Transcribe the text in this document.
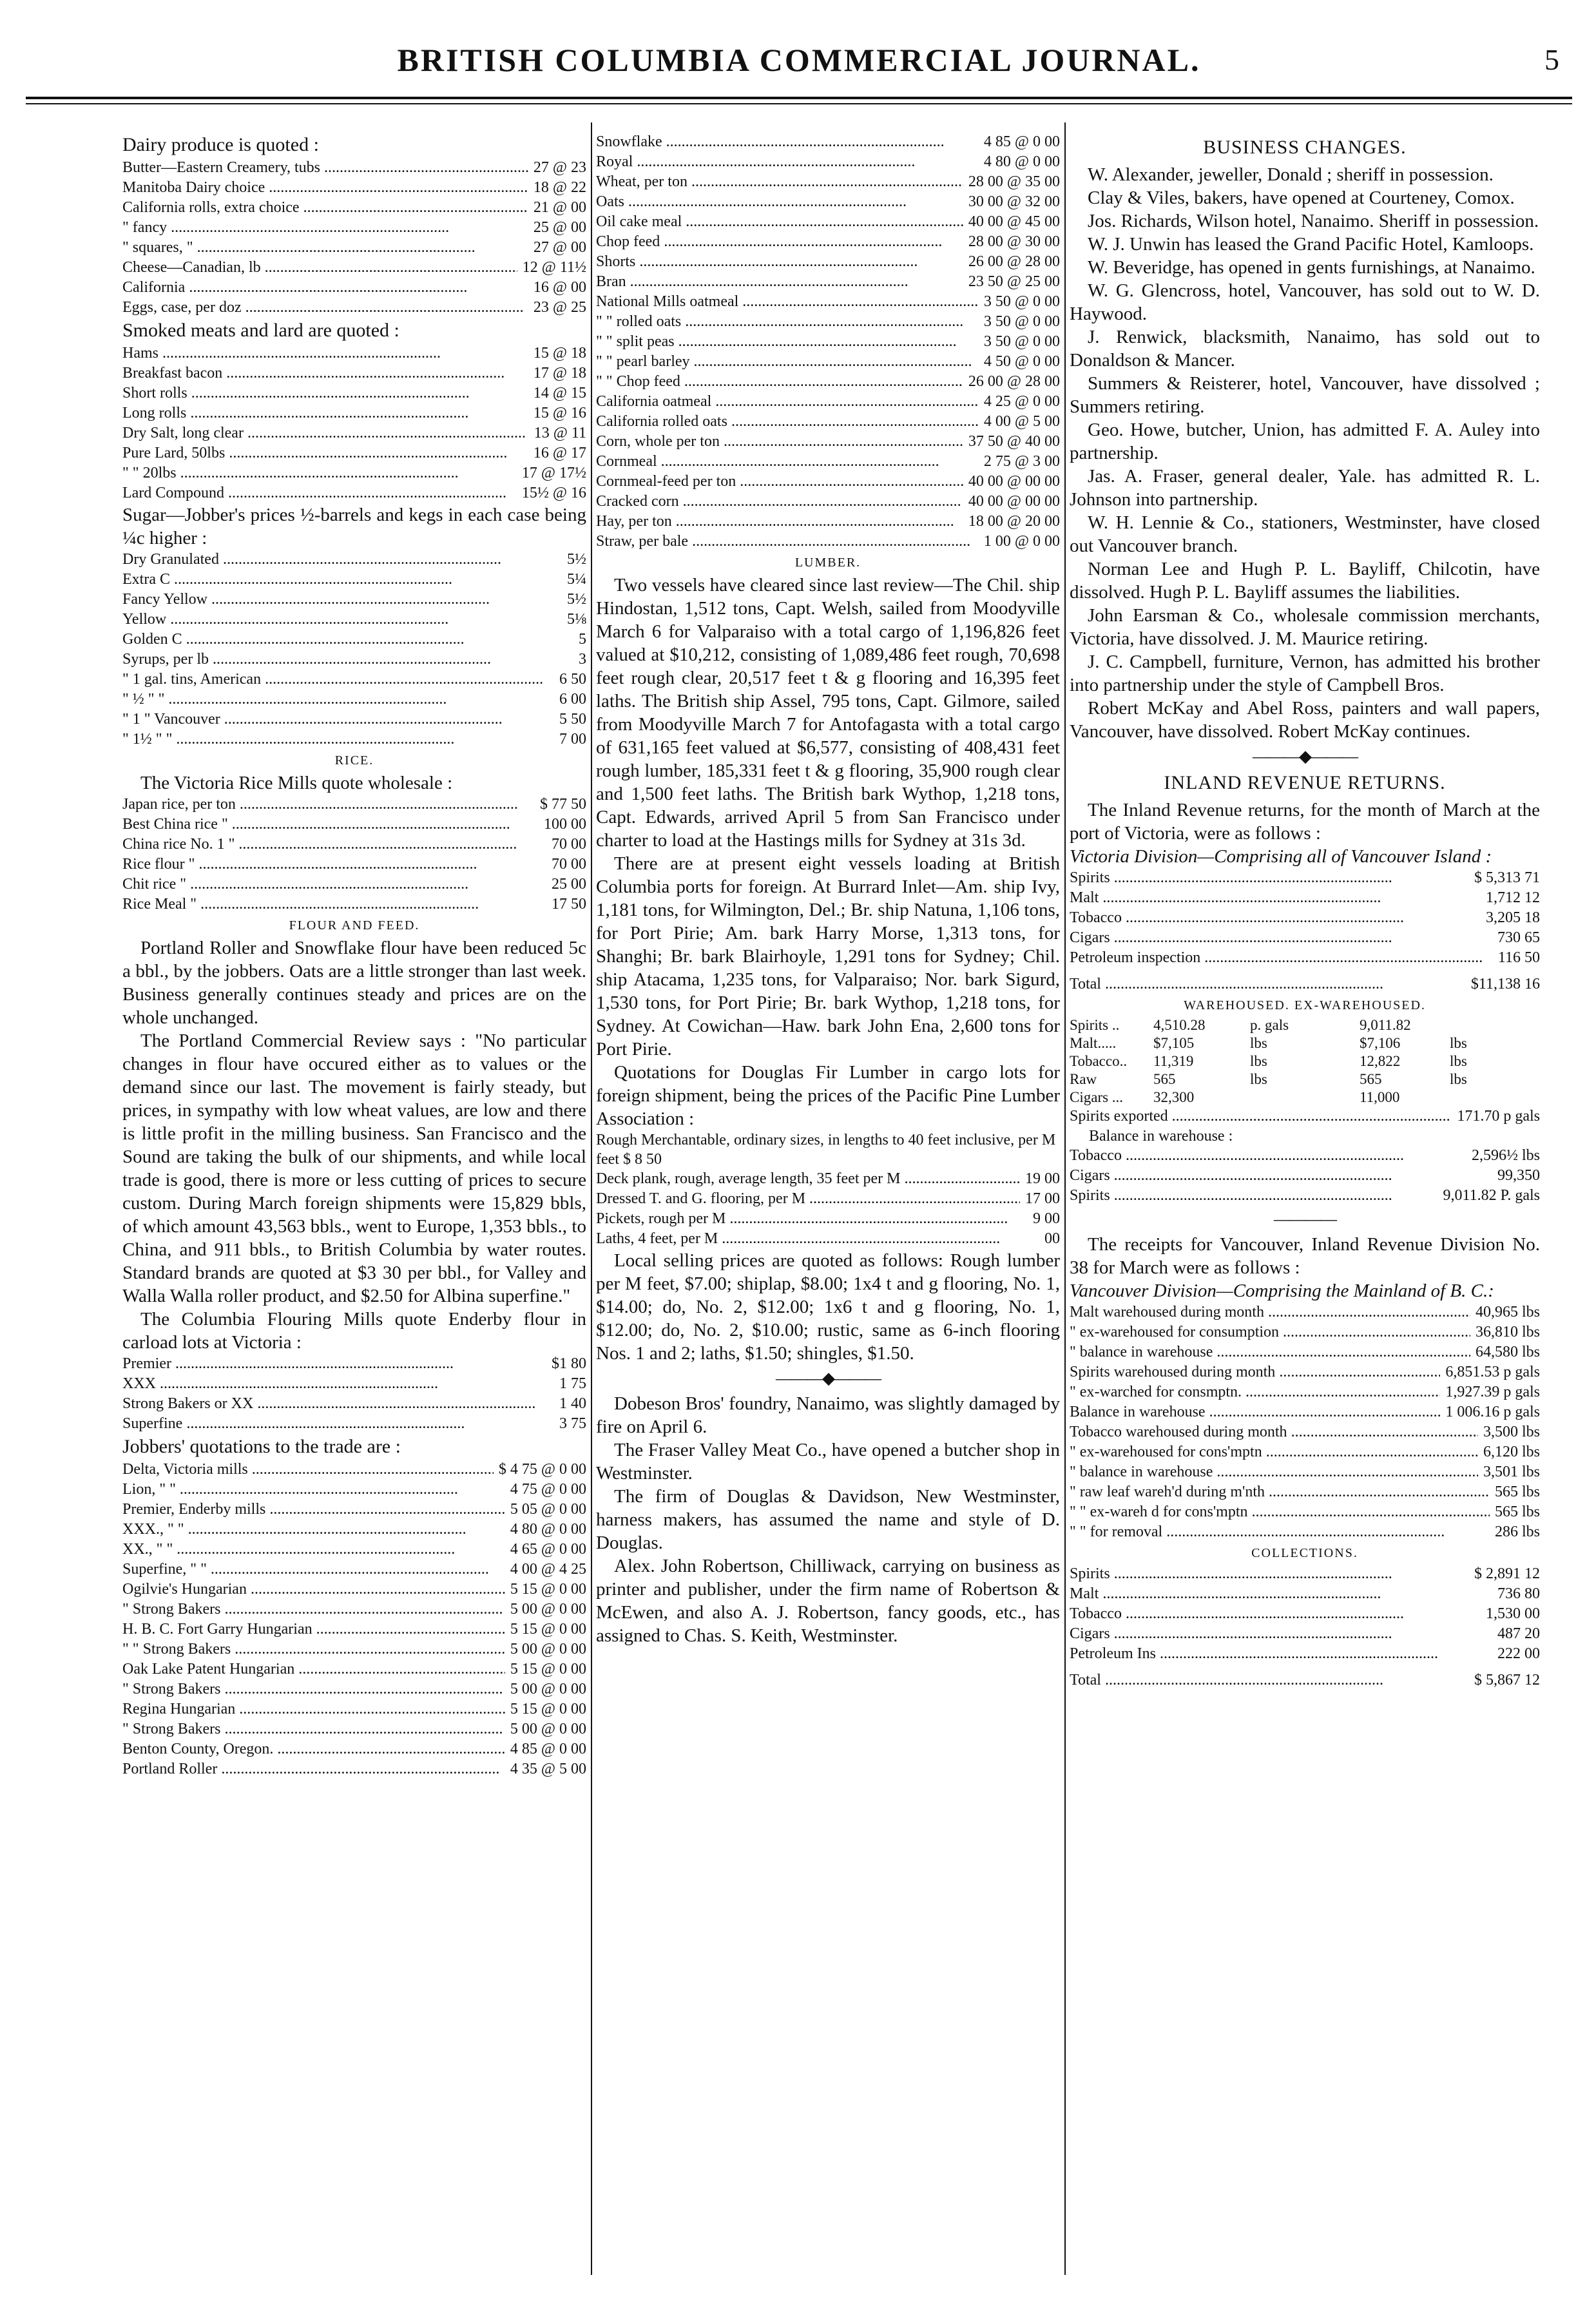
BRITISH COLUMBIA COMMERCIAL JOURNAL.	5

Dairy produce is quoted :

Butter—Eastern Creamery, tubs .....	27 @ 23
Manitoba Dairy choice .....	18 @ 22
California rolls, extra choice .....	21 @ 00
" fancy .....	25 @ 00
" squares, " .....	27 @ 00
Cheese—Canadian, lb .....	12 @ 11½
California .....	16 @ 00
Eggs, case, per doz .....	23 @ 25

Smoked meats and lard are quoted :

Hams .....	15 @ 18
Breakfast bacon .....	17 @ 18
Short rolls .....	14 @ 15
Long rolls .....	15 @ 16
Dry Salt, long clear .....	13 @ 11
Pure Lard, 50lbs .....	16 @ 17
" " 20lbs .....	17 @ 17½
Lard Compound .....	15½ @ 16

Sugar—Jobber's prices ½-barrels and kegs in each case being ¼c higher :

Dry Granulated .....	5½
Extra C .....	5¼
Fancy Yellow .....	5½
Yellow .....	5⅛
Golden C .....	5
Syrups, per lb .....	3
" 1 gal. tins, American .....	6 50
" ½ " " .....	6 00
" 1 " Vancouver .....	5 50
" 1½ " " .....	7 00
RICE.

The Victoria Rice Mills quote wholesale :

Japan rice, per ton .....	$ 77 50
Best China rice " .....	100 00
China rice No. 1 " .....	70 00
Rice flour " .....	70 00
Chit rice " .....	25 00
Rice Meal " .....	17 50
FLOUR AND FEED.

Portland Roller and Snowflake flour have been reduced 5c a bbl., by the jobbers. Oats are a little stronger than last week. Business generally continues steady and prices are on the whole unchanged.

The Portland Commercial Review says : "No particular changes in flour have occured either as to values or the demand since our last. The movement is fairly steady, but prices, in sympathy with low wheat values, are low and there is little profit in the milling business. San Francisco and the Sound are taking the bulk of our shipments, and while local trade is good, there is more or less cutting of prices to secure custom. During March foreign shipments were 15,829 bbls, of which amount 43,563 bbls., went to Europe, 1,353 bbls., to China, and 911 bbls., to British Columbia by water routes. Standard brands are quoted at $3 30 per bbl., for Valley and Walla Walla roller product, and $2.50 for Albina superfine."

The Columbia Flouring Mills quote Enderby flour in carload lots at Victoria :

Premier .....	$1 80
XXX .....	1 75
Strong Bakers or XX .....	1 40
Superfine .....	3 75

Jobbers' quotations to the trade are :

Delta, Victoria mills .....	$ 4 75 @ 0 00
Lion, " " .....	4 75 @ 0 00
Premier, Enderby mills .....	5 05 @ 0 00
XXX., " " .....	4 80 @ 0 00
XX., " " .....	4 65 @ 0 00
Superfine, " " .....	4 00 @ 4 25
Ogilvie's Hungarian .....	5 15 @ 0 00
" Strong Bakers .....	5 00 @ 0 00
H. B. C. Fort Garry Hungarian .....	5 15 @ 0 00
" " Strong Bakers .....	5 00 @ 0 00
Oak Lake Patent Hungarian .....	5 15 @ 0 00
" Strong Bakers .....	5 00 @ 0 00
Regina Hungarian .....	5 15 @ 0 00
" Strong Bakers .....	5 00 @ 0 00
Benton County, Oregon. .....	4 85 @ 0 00
Portland Roller .....	4 35 @ 5 00
Snowflake .....	4 85 @ 0 00
Royal .....	4 80 @ 0 00
Wheat, per ton .....	28 00 @ 35 00
Oats .....	30 00 @ 32 00
Oil cake meal .....	40 00 @ 45 00
Chop feed .....	28 00 @ 30 00
Shorts .....	26 00 @ 28 00
Bran .....	23 50 @ 25 00
National Mills oatmeal .....	3 50 @ 0 00
" " rolled oats .....	3 50 @ 0 00
" " split peas .....	3 50 @ 0 00
" " pearl barley .....	4 50 @ 0 00
" " Chop feed .....	26 00 @ 28 00
California oatmeal .....	4 25 @ 0 00
California rolled oats .....	4 00 @ 5 00
Corn, whole per ton .....	37 50 @ 40 00
Cornmeal .....	2 75 @ 3 00
Cornmeal-feed per ton .....	40 00 @ 00 00
Cracked corn .....	40 00 @ 00 00
Hay, per ton .....	18 00 @ 20 00
Straw, per bale .....	1 00 @ 0 00
LUMBER.

Two vessels have cleared since last review—The Chil. ship Hindostan, 1,512 tons, Capt. Welsh, sailed from Moodyville March 6 for Valparaiso with a total cargo of 1,196,826 feet valued at $10,212, consisting of 1,089,486 feet rough, 70,698 feet rough clear, 20,517 feet t & g flooring and 16,395 feet laths. The British ship Assel, 795 tons, Capt. Gilmore, sailed from Moodyville March 7 for Antofagasta with a total cargo of 631,165 feet valued at $6,577, consisting of 408,431 feet rough lumber, 185,331 feet t & g flooring, 35,900 rough clear and 1,500 feet laths. The British bark Wythop, 1,218 tons, Capt. Edwards, arrived April 5 from San Francisco under charter to load at the Hastings mills for Sydney at 31s 3d.

There are at present eight vessels loading at British Columbia ports for foreign. At Burrard Inlet—Am. ship Ivy, 1,181 tons, for Wilmington, Del.; Br. ship Natuna, 1,106 tons, for Port Pirie; Am. bark Harry Morse, 1,313 tons, for Shanghi; Br. bark Blairhoyle, 1,291 tons for Sydney; Chil. ship Atacama, 1,235 tons, for Valparaiso; Nor. bark Sigurd, 1,530 tons, for Port Pirie; Br. bark Wythop, 1,218 tons, for Sydney. At Cowichan—Haw. bark John Ena, 2,600 tons for Port Pirie.

Quotations for Douglas Fir Lumber in cargo lots for foreign shipment, being the prices of the Pacific Pine Lumber Association :

Rough Merchantable, ordinary sizes, in lengths to 40 feet inclusive, per M feet $ 8 50
Deck plank, rough, average length, 35 feet per M .....	19 00
Dressed T. and G. flooring, per M .....	17 00
Pickets, rough per M .....	9 00
Laths, 4 feet, per M .....	00

Local selling prices are quoted as follows: Rough lumber per M feet, $7.00; shiplap, $8.00; 1x4 t and g flooring, No. 1, $14.00; do, No. 2, $12.00; 1x6 t and g flooring, No. 1, $12.00; do, No. 2, $10.00; rustic, same as 6-inch flooring Nos. 1 and 2; laths, $1.50; shingles, $1.50.

———◆———

Dobeson Bros' foundry, Nanaimo, was slightly damaged by fire on April 6.

The Fraser Valley Meat Co., have opened a butcher shop in Westminster.

The firm of Douglas & Davidson, New Westminster, harness makers, has assumed the name and style of D. Douglas.

Alex. John Robertson, Chilliwack, carrying on business as printer and publisher, under the firm name of Robertson & McEwen, and also A. J. Robertson, fancy goods, etc., has assigned to Chas. S. Keith, Westminster.

BUSINESS CHANGES.

W. Alexander, jeweller, Donald ; sheriff in possession.

Clay & Viles, bakers, have opened at Courteney, Comox.

Jos. Richards, Wilson hotel, Nanaimo. Sheriff in possession.

W. J. Unwin has leased the Grand Pacific Hotel, Kamloops.

W. Beveridge, has opened in gents furnishings, at Nanaimo.

W. G. Glencross, hotel, Vancouver, has sold out to W. D. Haywood.

J. Renwick, blacksmith, Nanaimo, has sold out to Donaldson & Mancer.

Summers & Reisterer, hotel, Vancouver, have dissolved ; Summers retiring.

Geo. Howe, butcher, Union, has admitted F. A. Auley into partnership.

Jas. A. Fraser, general dealer, Yale. has admitted R. L. Johnson into partnership.

W. H. Lennie & Co., stationers, Westminster, have closed out Vancouver branch.

Norman Lee and Hugh P. L. Bayliff, Chilcotin, have dissolved. Hugh P. L. Bayliff assumes the liabilities.

John Earsman & Co., wholesale commission merchants, Victoria, have dissolved. J. M. Maurice retiring.

J. C. Campbell, furniture, Vernon, has admitted his brother into partnership under the style of Campbell Bros.

Robert McKay and Abel Ross, painters and wall papers, Vancouver, have dissolved. Robert McKay continues.

———◆———
INLAND REVENUE RETURNS.

The Inland Revenue returns, for the month of March at the port of Victoria, were as follows :

Victoria Division—Comprising all of Vancouver Island :

Spirits .....	$ 5,313 71
Malt .....	1,712 12
Tobacco .....	3,205 18
Cigars .....	730 65
Petroleum inspection .....	116 50
Total .....	$11,138 16
WAREHOUSED. EX-WAREHOUSED.
Spirits ..	4,510.28	p. gals	9,011.82
Malt.....	$7,105	lbs	$7,106	lbs
Tobacco..	11,319	lbs	12,822	lbs
Raw	565	lbs	565	lbs
Cigars ...	32,300	11,000
Spirits exported .....	171.70 p gals
Balance in warehouse :
Tobacco .....	2,596½ lbs
Cigars .....	99,350
Spirits .....	9,011.82 P. gals
————

The receipts for Vancouver, Inland Revenue Division No. 38 for March were as follows :

Vancouver Division—Comprising the Mainland of B. C.:

Malt warehoused during month .....	40,965 lbs
" ex-warehoused for consumption .....	36,810 lbs
" balance in warehouse .....	64,580 lbs
Spirits warehoused during month .....	6,851.53 p gals
" ex-warched for consmptn. .....	1,927.39 p gals
Balance in warehouse .....	1 006.16 p gals
Tobacco warehoused during month .....	3,500 lbs
" ex-warehoused for cons'mptn .....	6,120 lbs
" balance in warehouse .....	3,501 lbs
" raw leaf wareh'd during m'nth .....	565 lbs
" " ex-wareh d for cons'mptn .....	565 lbs
" " for removal .....	286 lbs
COLLECTIONS.
Spirits .....	$ 2,891 12
Malt .....	736 80
Tobacco .....	1,530 00
Cigars .....	487 20
Petroleum Ins .....	222 00
Total .....	$ 5,867 12
